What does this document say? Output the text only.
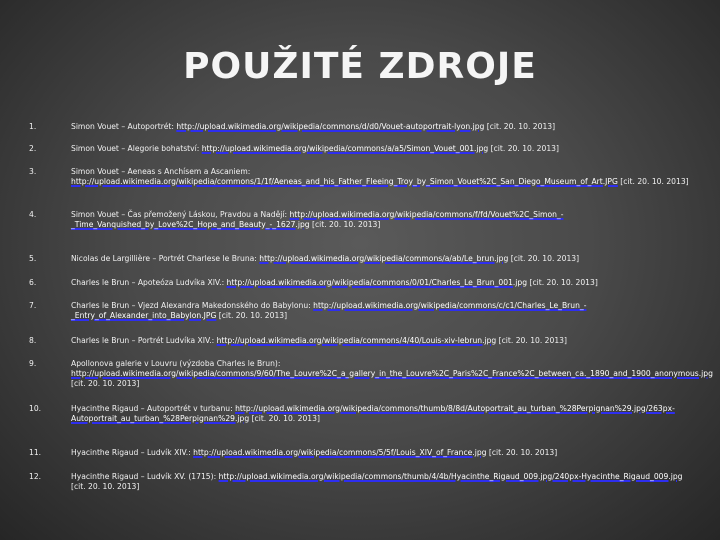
POUŽITÉ ZDROJE
1.	Simon Vouet – Autoportrét: http://upload.wikimedia.org/wikipedia/commons/d/d0/Vouet-autoportrait-lyon.jpg [cit. 20. 10. 2013]
2.	Simon Vouet – Alegorie bohatství: http://upload.wikimedia.org/wikipedia/commons/a/a5/Simon_Vouet_001.jpg [cit. 20. 10. 2013]
3.	Simon Vouet – Aeneas s Anchísem a Ascaniem: http://upload.wikimedia.org/wikipedia/commons/1/1f/Aeneas_and_his_Father_Fleeing_Troy_by_Simon_Vouet%2C_San_Diego_Museum_of_Art.JPG [cit. 20. 10. 2013]
4.	Simon Vouet – Čas přemožený Láskou, Pravdou a Nadějí: http://upload.wikimedia.org/wikipedia/commons/f/fd/Vouet%2C_Simon_-_Time_Vanquished_by_Love%2C_Hope_and_Beauty_-_1627.jpg [cit. 20. 10. 2013]
5.	Nicolas de Largillière – Portrét Charlese le Bruna: http://upload.wikimedia.org/wikipedia/commons/a/ab/Le_brun.jpg [cit. 20. 10. 2013]
6.	Charles le Brun – Apoteóza Ludvíka XIV.: http://upload.wikimedia.org/wikipedia/commons/0/01/Charles_Le_Brun_001.jpg [cit. 20. 10. 2013]
7.	Charles le Brun – Vjezd Alexandra Makedonského do Babylonu: http://upload.wikimedia.org/wikipedia/commons/c/c1/Charles_Le_Brun_-_Entry_of_Alexander_into_Babylon.JPG [cit. 20. 10. 2013]
8.	Charles le Brun – Portrét Ludvíka XIV.: http://upload.wikimedia.org/wikipedia/commons/4/40/Louis-xiv-lebrun.jpg [cit. 20. 10. 2013]
9.	Apollonova galerie v Louvru (výzdoba Charles le Brun): http://upload.wikimedia.org/wikipedia/commons/9/60/The_Louvre%2C_a_gallery_in_the_Louvre%2C_Paris%2C_France%2C_between_ca._1890_and_1900_anonymous.jpg [cit. 20. 10. 2013]
10.	Hyacinthe Rigaud – Autoportrét v turbanu: http://upload.wikimedia.org/wikipedia/commons/thumb/8/8d/Autoportrait_au_turban_%28Perpignan%29.jpg/263px-Autoportrait_au_turban_%28Perpignan%29.jpg [cit. 20. 10. 2013]
11.	Hyacinthe Rigaud – Ludvík XIV.: http://upload.wikimedia.org/wikipedia/commons/5/5f/Louis_XIV_of_France.jpg [cit. 20. 10. 2013]
12.	Hyacinthe Rigaud – Ludvík XV. (1715): http://upload.wikimedia.org/wikipedia/commons/thumb/4/4b/Hyacinthe_Rigaud_009.jpg/240px-Hyacinthe_Rigaud_009.jpg [cit. 20. 10. 2013]
